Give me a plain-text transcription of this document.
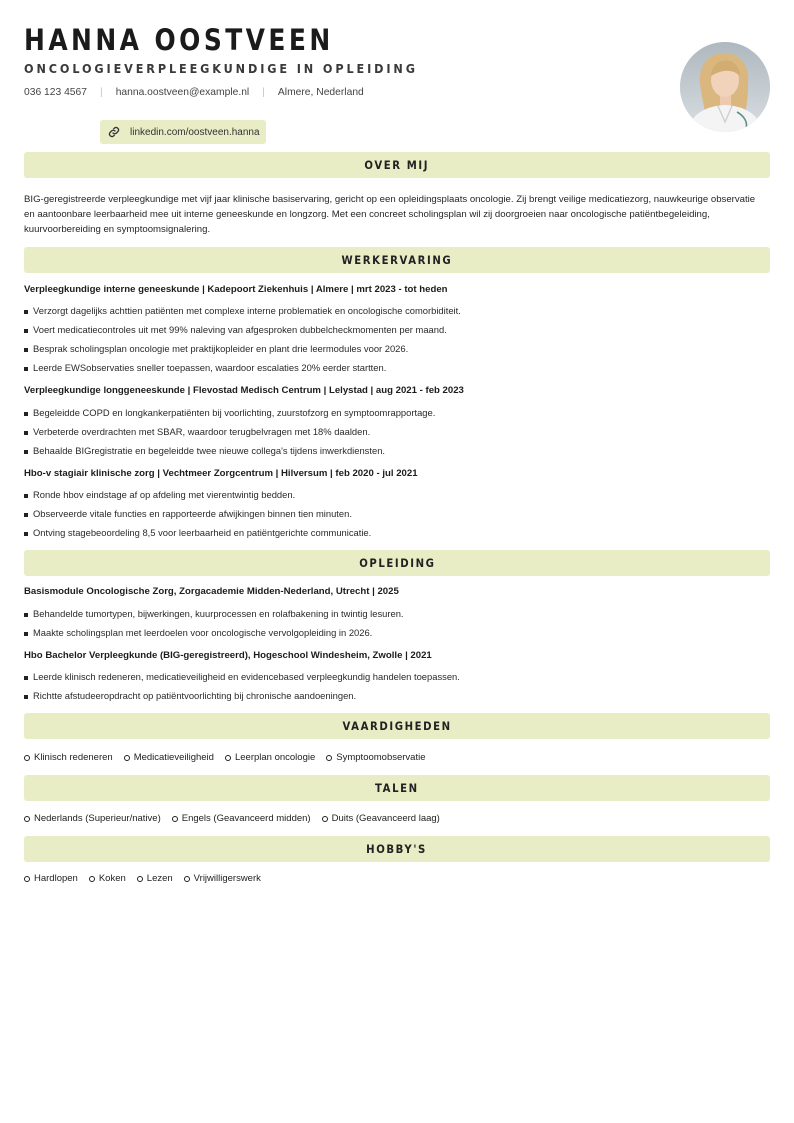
HANNA OOSTVEEN
ONCOLOGIEVERPLEEGKUNDIGE IN OPLEIDING
036 123 4567 | hanna.oostveen@example.nl | Almere, Nederland
linkedin.com/oostveen.hanna
OVER MIJ

BIG-geregistreerde verpleegkundige met vijf jaar klinische basiservaring, gericht op een opleidingsplaats oncologie. Zij brengt veilige medicatiezorg, nauwkeurige observatie en aantoonbare leerbaarheid mee uit interne geneeskunde en longzorg. Met een concreet scholingsplan wil zij doorgroeien naar oncologische patiëntbegeleiding, kuurvoorbereiding en symptoomsignalering.

WERKERVARING
Verpleegkundige interne geneeskunde | Kadepoort Ziekenhuis | Almere | mrt 2023 - tot heden
Verzorgt dagelijks achttien patiënten met complexe interne problematiek en oncologische comorbiditeit.
Voert medicatiecontroles uit met 99% naleving van afgesproken dubbelcheckmomenten per maand.
Besprak scholingsplan oncologie met praktijkopleider en plant drie leermodules voor 2026.
Leerde EWSobservaties sneller toepassen, waardoor escalaties 20% eerder startten.
Verpleegkundige longgeneeskunde | Flevostad Medisch Centrum | Lelystad | aug 2021 - feb 2023
Begeleidde COPD en longkankerpatiënten bij voorlichting, zuurstofzorg en symptoomrapportage.
Verbeterde overdrachten met SBAR, waardoor terugbelvragen met 18% daalden.
Behaalde BIGregistratie en begeleidde twee nieuwe collega's tijdens inwerkdiensten.
Hbo-v stagiair klinische zorg | Vechtmeer Zorgcentrum | Hilversum | feb 2020 - jul 2021
Ronde hbov eindstage af op afdeling met vierentwintig bedden.
Observeerde vitale functies en rapporteerde afwijkingen binnen tien minuten.
Ontving stagebeoordeling 8,5 voor leerbaarheid en patiëntgerichte communicatie.
OPLEIDING
Basismodule Oncologische Zorg, Zorgacademie Midden-Nederland, Utrecht | 2025
Behandelde tumortypen, bijwerkingen, kuurprocessen en rolafbakening in twintig lesuren.
Maakte scholingsplan met leerdoelen voor oncologische vervolgopleiding in 2026.
Hbo Bachelor Verpleegkunde (BIG-geregistreerd), Hogeschool Windesheim, Zwolle | 2021
Leerde klinisch redeneren, medicatieveiligheid en evidencebased verpleegkundig handelen toepassen.
Richtte afstudeeropdracht op patiëntvoorlichting bij chronische aandoeningen.
VAARDIGHEDEN
Klinisch redeneren Medicatieveiligheid Leerplan oncologie Symptoomobservatie
TALEN
Nederlands (Superieur/native) Engels (Geavanceerd midden) Duits (Geavanceerd laag)
HOBBY'S
Hardlopen Koken Lezen Vrijwilligerswerk
